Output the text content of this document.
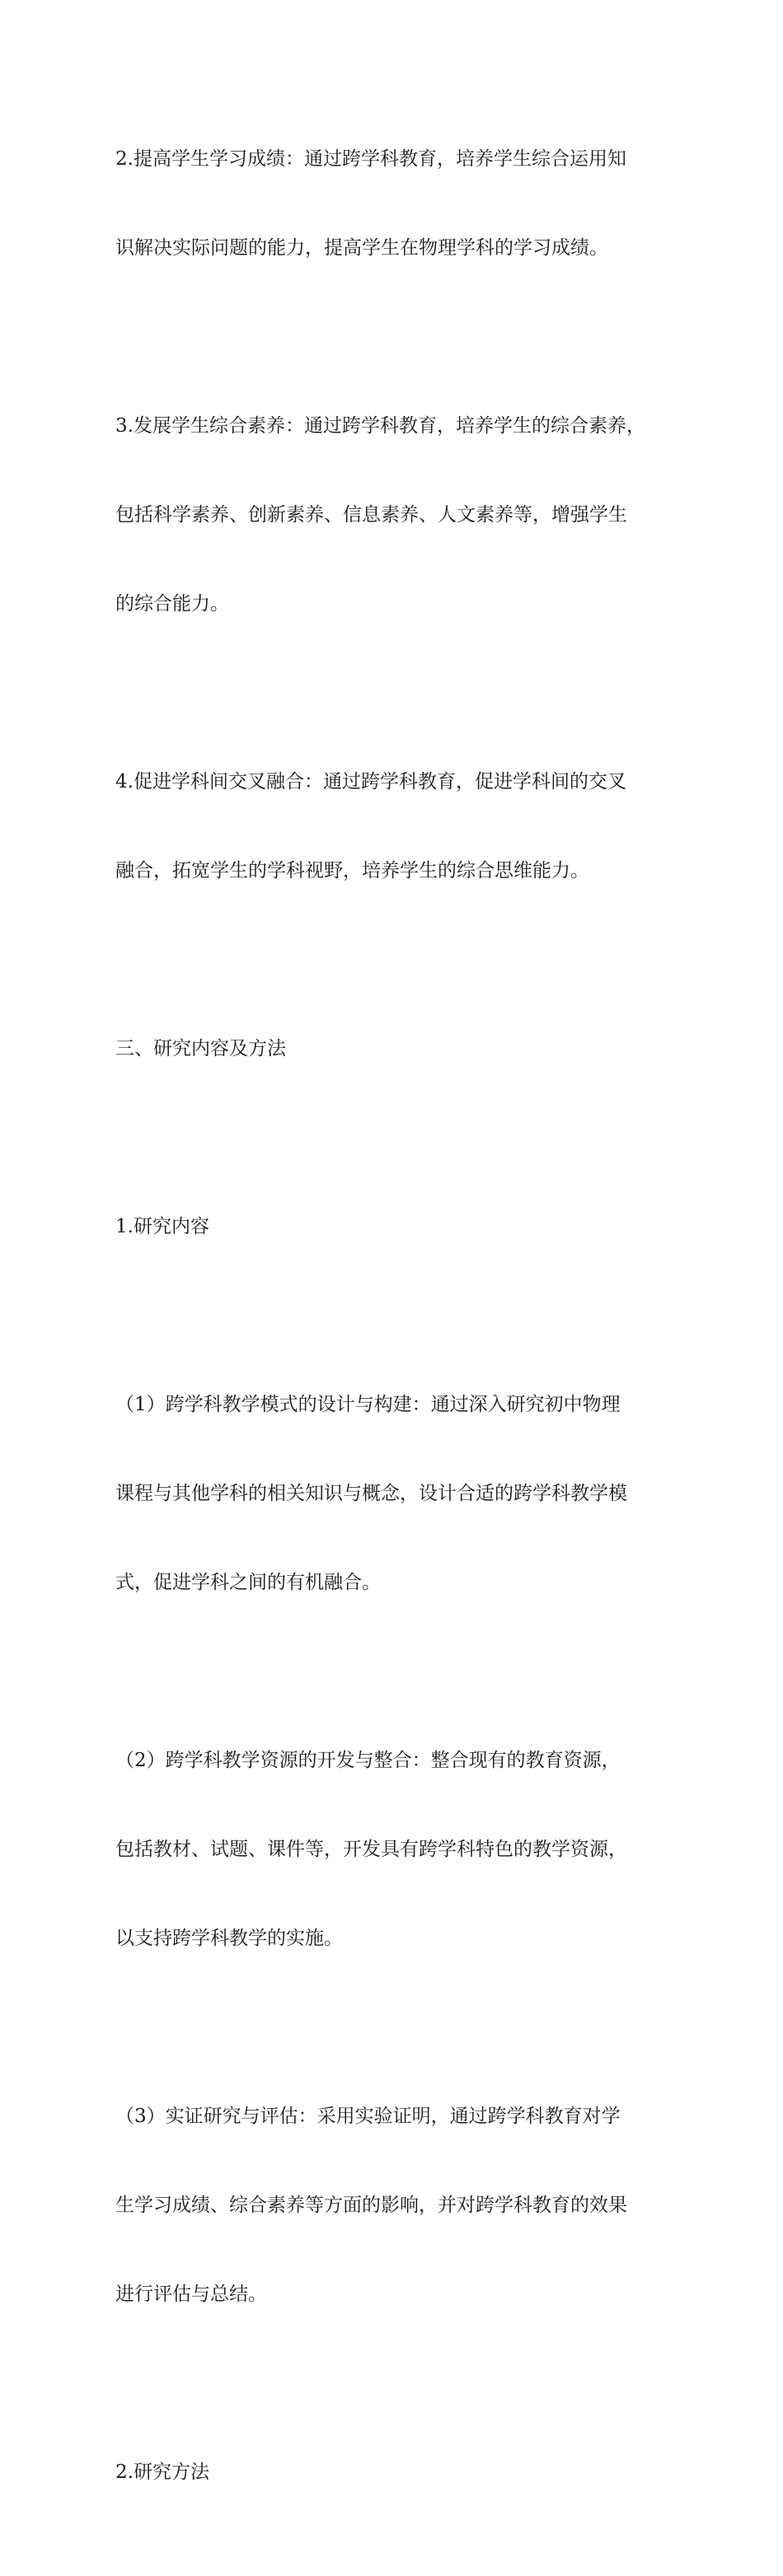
2.提高学生学习成绩：通过跨学科教育，培养学生综合运用知

识解决实际问题的能力，提高学生在物理学科的学习成绩。

3.发展学生综合素养：通过跨学科教育，培养学生的综合素养，

包括科学素养、创新素养、信息素养、人文素养等，增强学生

的综合能力。

4.促进学科间交叉融合：通过跨学科教育，促进学科间的交叉

融合，拓宽学生的学科视野，培养学生的综合思维能力。

三、研究内容及方法

1.研究内容

（1）跨学科教学模式的设计与构建：通过深入研究初中物理

课程与其他学科的相关知识与概念，设计合适的跨学科教学模

式，促进学科之间的有机融合。

（2）跨学科教学资源的开发与整合：整合现有的教育资源，

包括教材、试题、课件等，开发具有跨学科特色的教学资源，

以支持跨学科教学的实施。

（3）实证研究与评估：采用实验证明，通过跨学科教育对学

生学习成绩、综合素养等方面的影响，并对跨学科教育的效果

进行评估与总结。

2.研究方法
